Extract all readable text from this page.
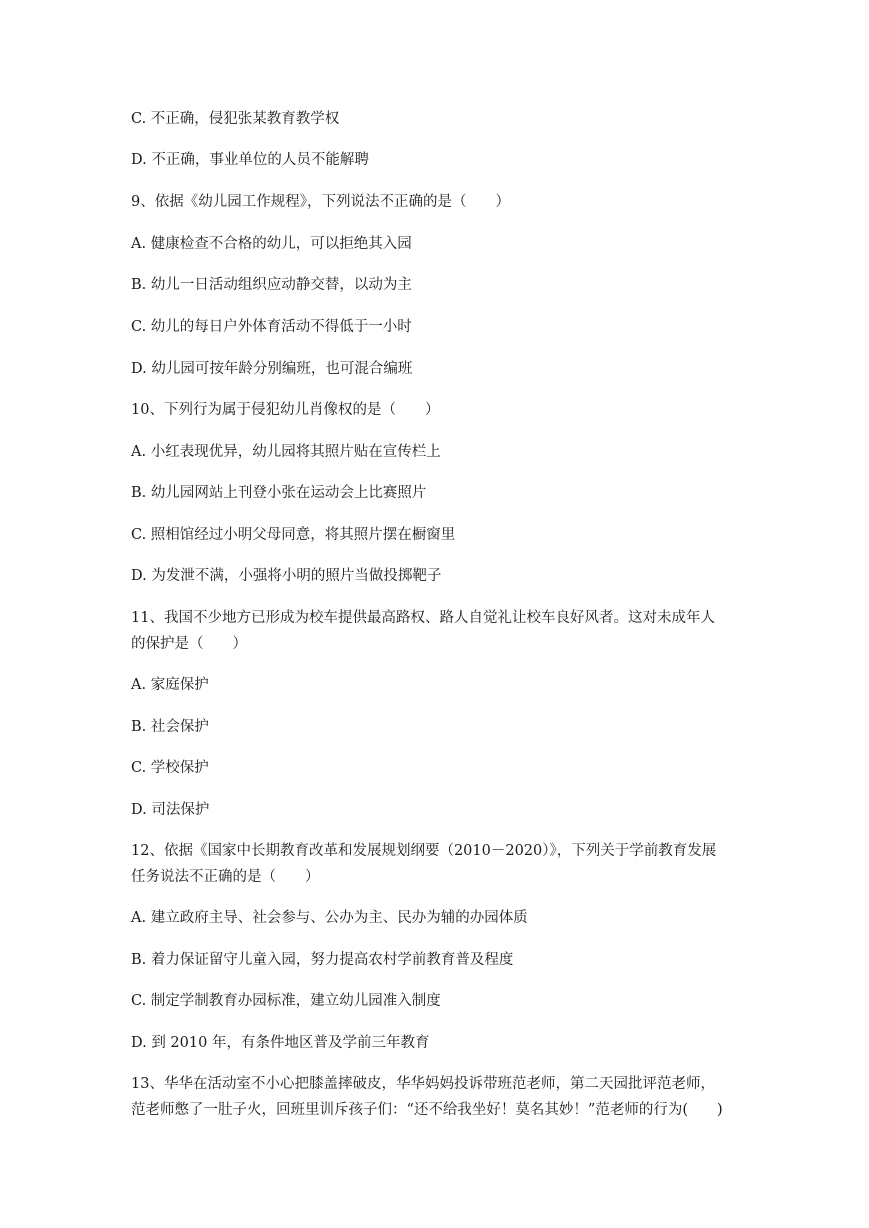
C. 不正确，侵犯张某教育教学权
D. 不正确，事业单位的人员不能解聘
9、依据《幼儿园工作规程》，下列说法不正确的是（　　）
A. 健康检查不合格的幼儿，可以拒绝其入园
B. 幼儿一日活动组织应动静交替，以动为主
C. 幼儿的每日户外体育活动不得低于一小时
D. 幼儿园可按年龄分别编班，也可混合编班
10、下列行为属于侵犯幼儿肖像权的是（　　）
A. 小红表现优异，幼儿园将其照片贴在宣传栏上
B. 幼儿园网站上刊登小张在运动会上比赛照片
C. 照相馆经过小明父母同意，将其照片摆在橱窗里
D. 为发泄不满，小强将小明的照片当做投掷靶子
11、我国不少地方已形成为校车提供最高路权、路人自觉礼让校车良好风者。这对未成年人
的保护是（　　）
A. 家庭保护
B. 社会保护
C. 学校保护
D. 司法保护
12、依据《国家中长期教育改革和发展规划纲要（2010－2020）》，下列关于学前教育发展
任务说法不正确的是（　　）
A. 建立政府主导、社会参与、公办为主、民办为辅的办园体质
B. 着力保证留守儿童入园，努力提高农村学前教育普及程度
C. 制定学制教育办园标准，建立幼儿园准入制度
D. 到 2010 年，有条件地区普及学前三年教育
13、华华在活动室不小心把膝盖摔破皮，华华妈妈投诉带班范老师，第二天园批评范老师，
范老师憋了一肚子火，回班里训斥孩子们：“还不给我坐好！莫名其妙！”范老师的行为(　　)
